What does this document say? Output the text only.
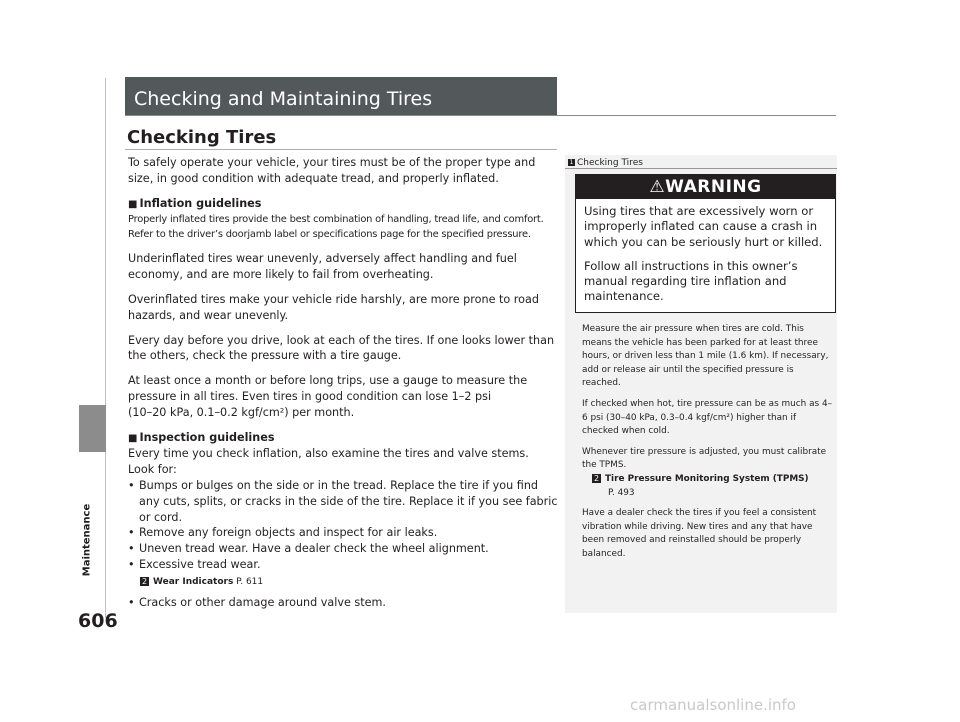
Maintenance
606
Checking and Maintaining Tires
Checking Tires

To safely operate your vehicle, your tires must be of the proper type and size, in good condition with adequate tread, and properly inflated.

■ Inflation guidelines

Properly inflated tires provide the best combination of handling, tread life, and comfort.
Refer to the driver’s doorjamb label or specifications page for the specified pressure.

Underinflated tires wear unevenly, adversely affect handling and fuel economy, and are more likely to fail from overheating.

Overinflated tires make your vehicle ride harshly, are more prone to road hazards, and wear unevenly.

Every day before you drive, look at each of the tires. If one looks lower than the others, check the pressure with a tire gauge.

At least once a month or before long trips, use a gauge to measure the pressure in all tires. Even tires in good condition can lose 1–2 psi
(10–20 kPa, 0.1–0.2 kgf/cm²) per month.

■ Inspection guidelines

Every time you check inflation, also examine the tires and valve stems.
Look for:
• Bumps or bulges on the side or in the tread. Replace the tire if you find any cuts, splits, or cracks in the side of the tire. Replace it if you see fabric or cord.
• Remove any foreign objects and inspect for air leaks.
• Uneven tread wear. Have a dealer check the wheel alignment.
• Excessive tread wear.
2 Wear Indicators P. 611
• Cracks or other damage around valve stem.
1 Checking Tires
⚠WARNING

Using tires that are excessively worn or improperly inflated can cause a crash in which you can be seriously hurt or killed.

Follow all instructions in this owner’s manual regarding tire inflation and maintenance.

Measure the air pressure when tires are cold. This means the vehicle has been parked for at least three hours, or driven less than 1 mile (1.6 km). If necessary, add or release air until the specified pressure is reached.

If checked when hot, tire pressure can be as much as 4–6 psi (30–40 kPa, 0.3–0.4 kgf/cm²) higher than if checked when cold.

Whenever tire pressure is adjusted, you must calibrate the TPMS.
2 Tire Pressure Monitoring System (TPMS)

P. 493

Have a dealer check the tires if you feel a consistent vibration while driving. New tires and any that have been removed and reinstalled should be properly balanced.

carmanualsonline.info
